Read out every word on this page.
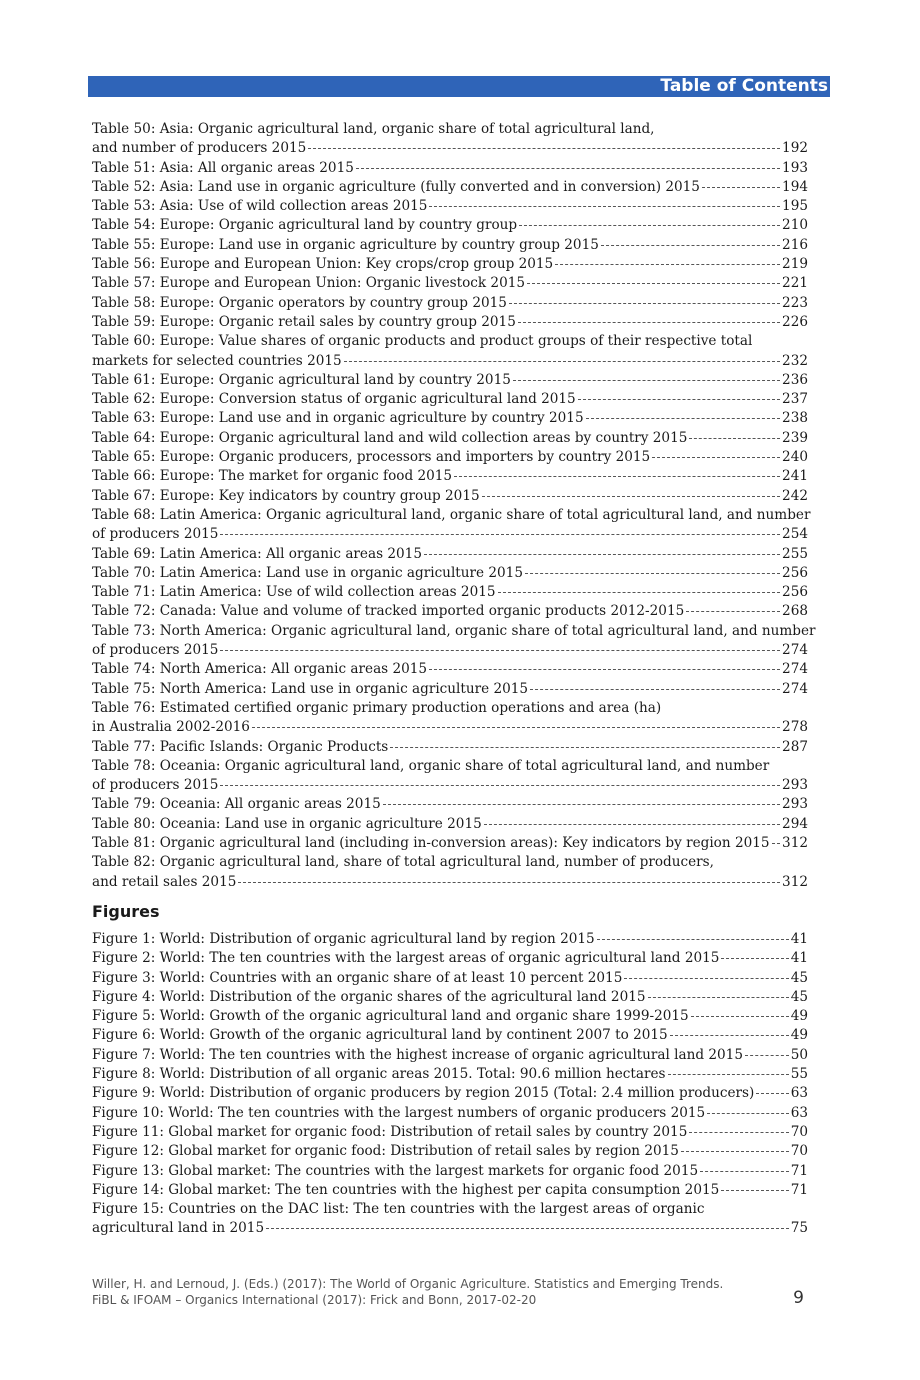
Table of Contents
Table 50: Asia: Organic agricultural land, organic share of total agricultural land,
and number of producers 2015	192
Table 51: Asia: All organic areas 2015	193
Table 52: Asia: Land use in organic agriculture (fully converted and in conversion) 2015	194
Table 53: Asia: Use of wild collection areas 2015	195
Table 54: Europe: Organic agricultural land by country group	210
Table 55: Europe: Land use in organic agriculture by country group 2015	216
Table 56: Europe and European Union: Key crops/crop group 2015	219
Table 57: Europe and European Union: Organic livestock 2015	221
Table 58: Europe: Organic operators by country group 2015	223
Table 59: Europe: Organic retail sales by country group 2015	226
Table 60: Europe: Value shares of organic products and product groups of their respective total
markets for selected countries 2015	232
Table 61: Europe: Organic agricultural land by country 2015	236
Table 62: Europe: Conversion status of organic agricultural land 2015	237
Table 63: Europe: Land use and in organic agriculture by country 2015	238
Table 64: Europe: Organic agricultural land and wild collection areas by country 2015	239
Table 65: Europe: Organic producers, processors and importers by country 2015	240
Table 66: Europe: The market for organic food 2015	241
Table 67: Europe: Key indicators by country group 2015	242
Table 68: Latin America: Organic agricultural land, organic share of total agricultural land, and number
of producers 2015	254
Table 69: Latin America: All organic areas 2015	255
Table 70: Latin America: Land use in organic agriculture 2015	256
Table 71: Latin America: Use of wild collection areas 2015	256
Table 72: Canada: Value and volume of tracked imported organic products 2012-2015	268
Table 73: North America: Organic agricultural land, organic share of total agricultural land, and number
of producers 2015	274
Table 74: North America: All organic areas 2015	274
Table 75: North America: Land use in organic agriculture 2015	274
Table 76: Estimated certified organic primary production operations and area (ha)
in Australia 2002-2016	278
Table 77: Pacific Islands: Organic Products	287
Table 78: Oceania: Organic agricultural land, organic share of total agricultural land, and number
of producers 2015	293
Table 79: Oceania: All organic areas 2015	293
Table 80: Oceania: Land use in organic agriculture 2015	294
Table 81: Organic agricultural land (including in-conversion areas): Key indicators by region 2015 312
Table 82: Organic agricultural land, share of total agricultural land, number of producers,
and retail sales 2015	312
Figures
Figure 1: World: Distribution of organic agricultural land by region 2015	41
Figure 2: World: The ten countries with the largest areas of organic agricultural land 2015	41
Figure 3: World: Countries with an organic share of at least 10 percent 2015	45
Figure 4: World: Distribution of the organic shares of the agricultural land 2015	45
Figure 5: World: Growth of the organic agricultural land and organic share 1999-2015	49
Figure 6: World: Growth of the organic agricultural land by continent 2007 to 2015	49
Figure 7: World: The ten countries with the highest increase of organic agricultural land 2015	50
Figure 8: World: Distribution of all organic areas 2015. Total: 90.6 million hectares	55
Figure 9: World: Distribution of organic producers by region 2015 (Total: 2.4 million producers)	63
Figure 10: World: The ten countries with the largest numbers of organic producers 2015	63
Figure 11: Global market for organic food: Distribution of retail sales by country 2015	70
Figure 12: Global market for organic food: Distribution of retail sales by region 2015	70
Figure 13: Global market: The countries with the largest markets for organic food 2015	71
Figure 14: Global market: The ten countries with the highest per capita consumption 2015	71
Figure 15: Countries on the DAC list: The ten countries with the largest areas of organic
agricultural land in 2015	75
Willer, H. and Lernoud, J. (Eds.) (2017): The World of Organic Agriculture. Statistics and Emerging Trends.
FiBL & IFOAM – Organics International (2017): Frick and Bonn, 2017-02-20	9
